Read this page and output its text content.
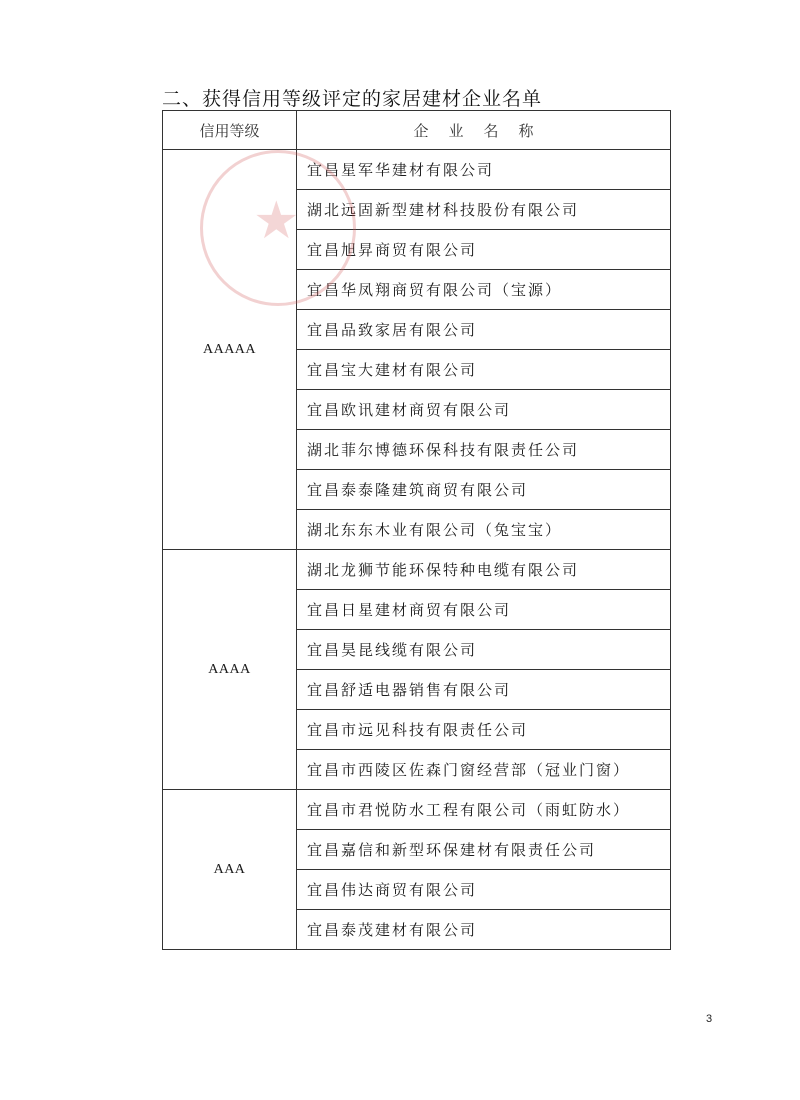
二、获得信用等级评定的家居建材企业名单
信用等级	企业名称
AAAAA	宜昌星军华建材有限公司
	湖北远固新型建材科技股份有限公司
	宜昌旭昇商贸有限公司
	宜昌华凤翔商贸有限公司（宝源）
	宜昌品致家居有限公司
	宜昌宝大建材有限公司
	宜昌欧讯建材商贸有限公司
	湖北菲尔博德环保科技有限责任公司
	宜昌泰泰隆建筑商贸有限公司
	湖北东东木业有限公司（兔宝宝）
AAAA	湖北龙狮节能环保特种电缆有限公司
	宜昌日星建材商贸有限公司
	宜昌昊昆线缆有限公司
	宜昌舒适电器销售有限公司
	宜昌市远见科技有限责任公司
	宜昌市西陵区佐森门窗经营部（冠业门窗）
AAA	宜昌市君悦防水工程有限公司（雨虹防水）
	宜昌嘉信和新型环保建材有限责任公司
	宜昌伟达商贸有限公司
	宜昌泰茂建材有限公司
★
3
